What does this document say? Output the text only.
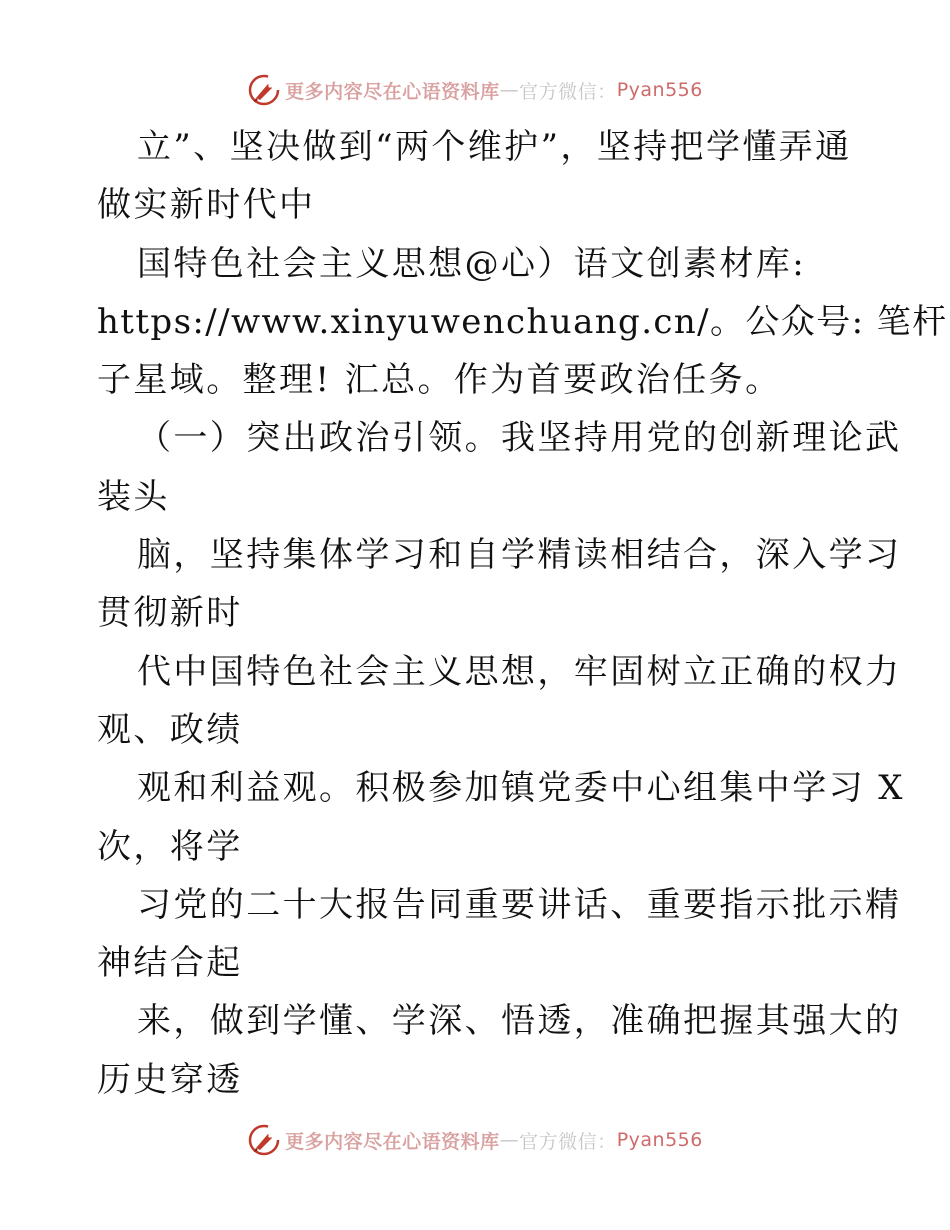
更多内容尽在心语资料库 — 官方微信： Pyan556
立”、坚决做到“两个维护”，坚持把学懂弄通
做实新时代中
国特色社会主义思想@心）语文创素材库:
https://www.xinyuwenchuang.cn/。公众号: 笔杆
子星域。整理! 汇总。作为首要政治任务。
（一）突出政治引领。我坚持用党的创新理论武
装头
脑，坚持集体学习和自学精读相结合，深入学习
贯彻新时
代中国特色社会主义思想，牢固树立正确的权力
观、政绩
观和利益观。积极参加镇党委中心组集中学习 X
次，将学
习党的二十大报告同重要讲话、重要指示批示精
神结合起
来，做到学懂、学深、悟透，准确把握其强大的
历史穿透
更多内容尽在心语资料库 — 官方微信： Pyan556
